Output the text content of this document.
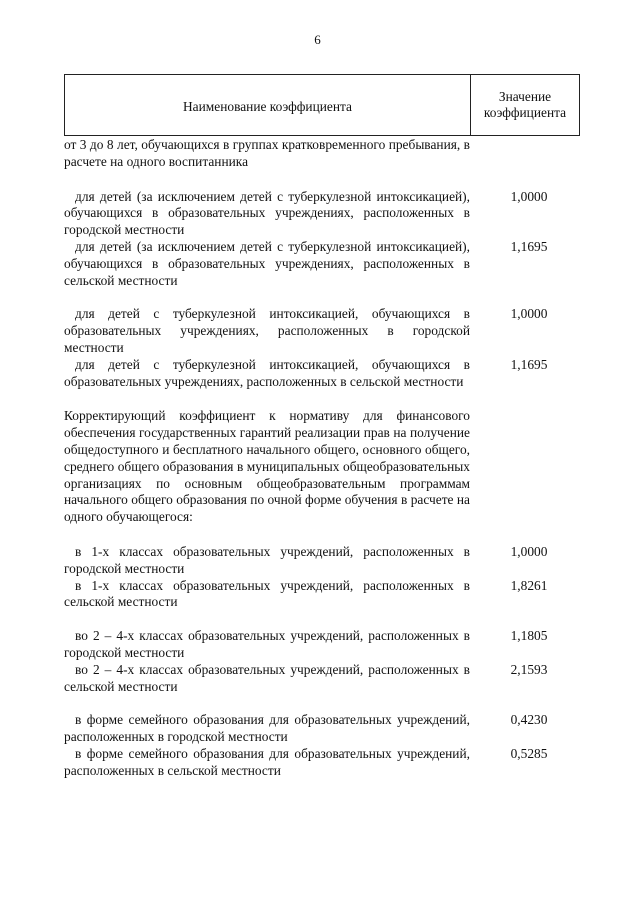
6
Наименование коэффициента
Значение
коэффициента
от 3 до 8 лет, обучающихся в группах кратковременного пребывания, в расчете на одного воспитанника
для детей (за исключением детей с туберкулезной интоксикацией), обучающихся в образовательных учреждениях, расположенных в городской местности
1,0000
для детей (за исключением детей с туберкулезной интоксикацией), обучающихся в образовательных учреждениях, расположенных в сельской местности
1,1695
для детей с туберкулезной интоксикацией, обучающихся в образовательных учреждениях, расположенных в городской местности
1,0000
для детей с туберкулезной интоксикацией, обучающихся в образовательных учреждениях, расположенных в сельской местности
1,1695
Корректирующий коэффициент к нормативу для финансового обеспечения государственных гарантий реализации прав на получение общедоступного и бесплатного начального общего, основного общего, среднего общего образования в муниципальных общеобразовательных организациях по основным общеобразовательным программам начального общего образования по очной форме обучения в расчете на одного обучающегося:
в 1-х классах образовательных учреждений, расположенных в городской местности
1,0000
в 1-х классах образовательных учреждений, расположенных в сельской местности
1,8261
во 2 – 4-х классах образовательных учреждений, расположенных в городской местности
1,1805
во 2 – 4-х классах образовательных учреждений, расположенных в сельской местности
2,1593
в форме семейного образования для образовательных учреждений, расположенных в городской местности
0,4230
в форме семейного образования для образовательных учреждений, расположенных в сельской местности
0,5285
